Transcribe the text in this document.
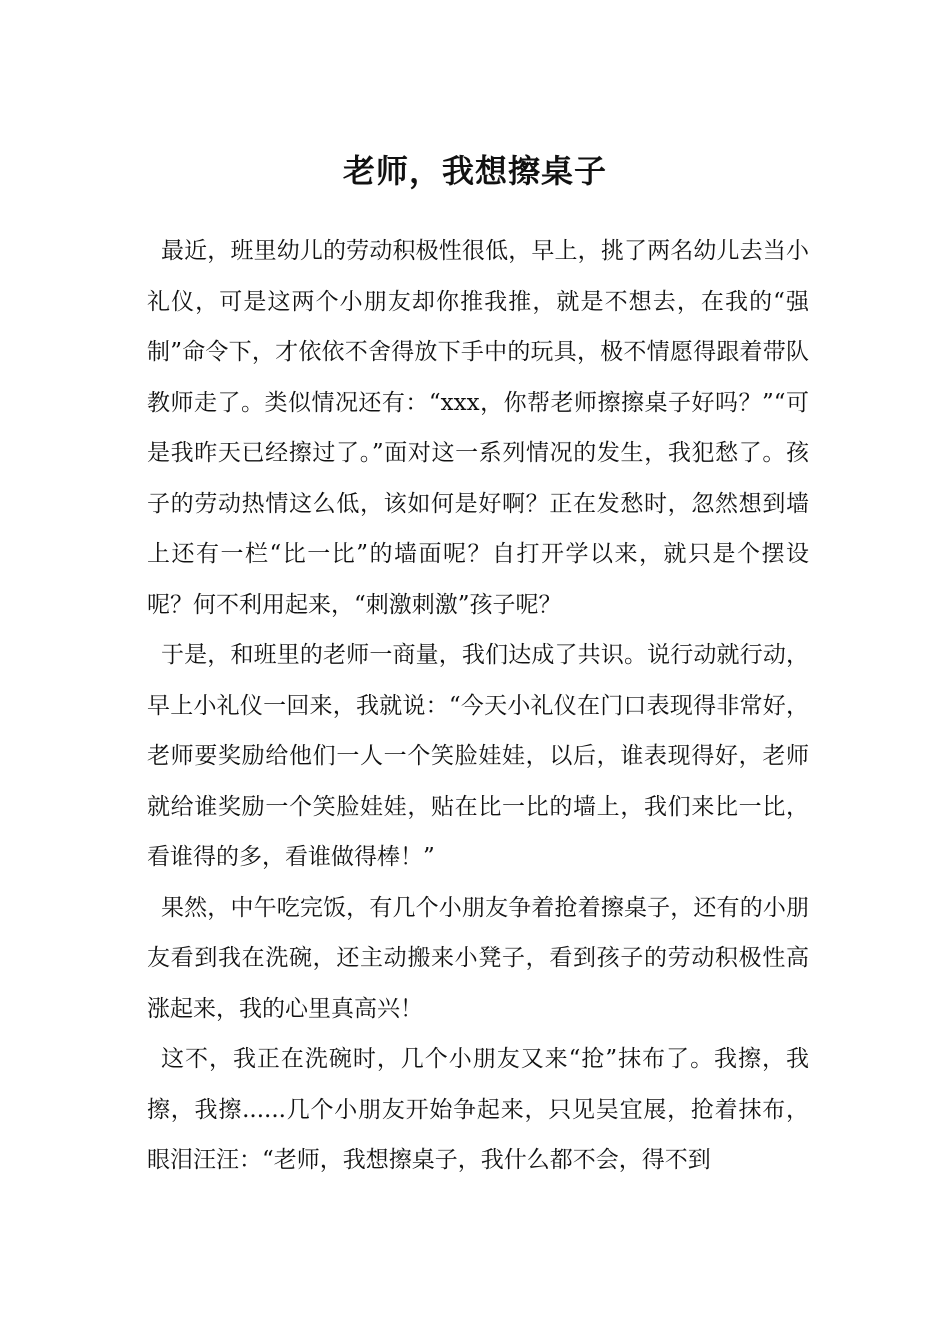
老师，我想擦桌子

最近，班里幼儿的劳动积极性很低，早上，挑了两名幼儿去当小礼仪，可是这两个小朋友却你推我推，就是不想去，在我的“强制”命令下，才依依不舍得放下手中的玩具，极不情愿得跟着带队教师走了。类似情况还有：“xxx，你帮老师擦擦桌子好吗？”“可是我昨天已经擦过了。”面对这一系列情况的发生，我犯愁了。孩子的劳动热情这么低，该如何是好啊？正在发愁时，忽然想到墙上还有一栏“比一比”的墙面呢？自打开学以来，就只是个摆设呢？何不利用起来，“刺激刺激”孩子呢？

于是，和班里的老师一商量，我们达成了共识。说行动就行动，早上小礼仪一回来，我就说：“今天小礼仪在门口表现得非常好，老师要奖励给他们一人一个笑脸娃娃，以后，谁表现得好，老师就给谁奖励一个笑脸娃娃，贴在比一比的墙上，我们来比一比，看谁得的多，看谁做得棒！”

果然，中午吃完饭，有几个小朋友争着抢着擦桌子，还有的小朋友看到我在洗碗，还主动搬来小凳子，看到孩子的劳动积极性高涨起来，我的心里真高兴！

这不，我正在洗碗时，几个小朋友又来“抢”抹布了。我擦，我擦，我擦......几个小朋友开始争起来，只见吴宜展，抢着抹布，眼泪汪汪：“老师，我想擦桌子，我什么都不会，得不到
